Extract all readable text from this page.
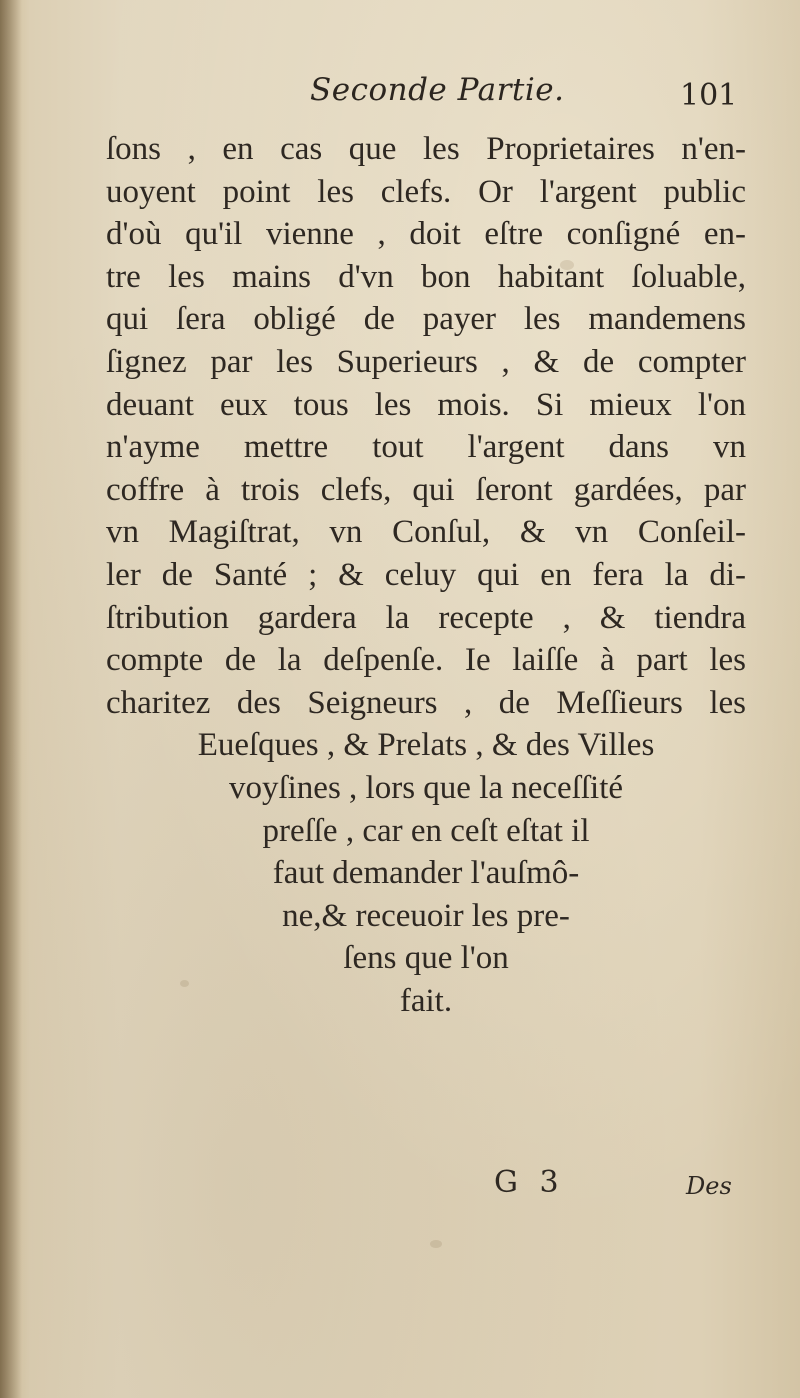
Seconde Partie.	101
ſons , en cas que les Proprietaires n'en-
uoyent point les clefs. Or l'argent public
d'où qu'il vienne , doit eſtre conſigné en-
tre les mains d'vn bon habitant ſoluable,
qui ſera obligé de payer les mandemens
ſignez par les Superieurs , & de compter
deuant eux tous les mois. Si mieux l'on
n'ayme mettre tout l'argent dans vn
coffre à trois clefs, qui ſeront gardées, par
vn Magiſtrat, vn Conſul, & vn Conſeil-
ler de Santé ; & celuy qui en fera la di-
ſtribution gardera la recepte , & tiendra
compte de la deſpenſe. Ie laiſſe à part les
charitez des Seigneurs , de Meſſieurs les
Eueſques , & Prelats , & des Villes
voyſines , lors que la neceſſité
preſſe , car en ceſt eſtat il
faut demander l'auſmô-
ne,& receuoir les pre-
ſens que l'on
fait.
G 3	Des
